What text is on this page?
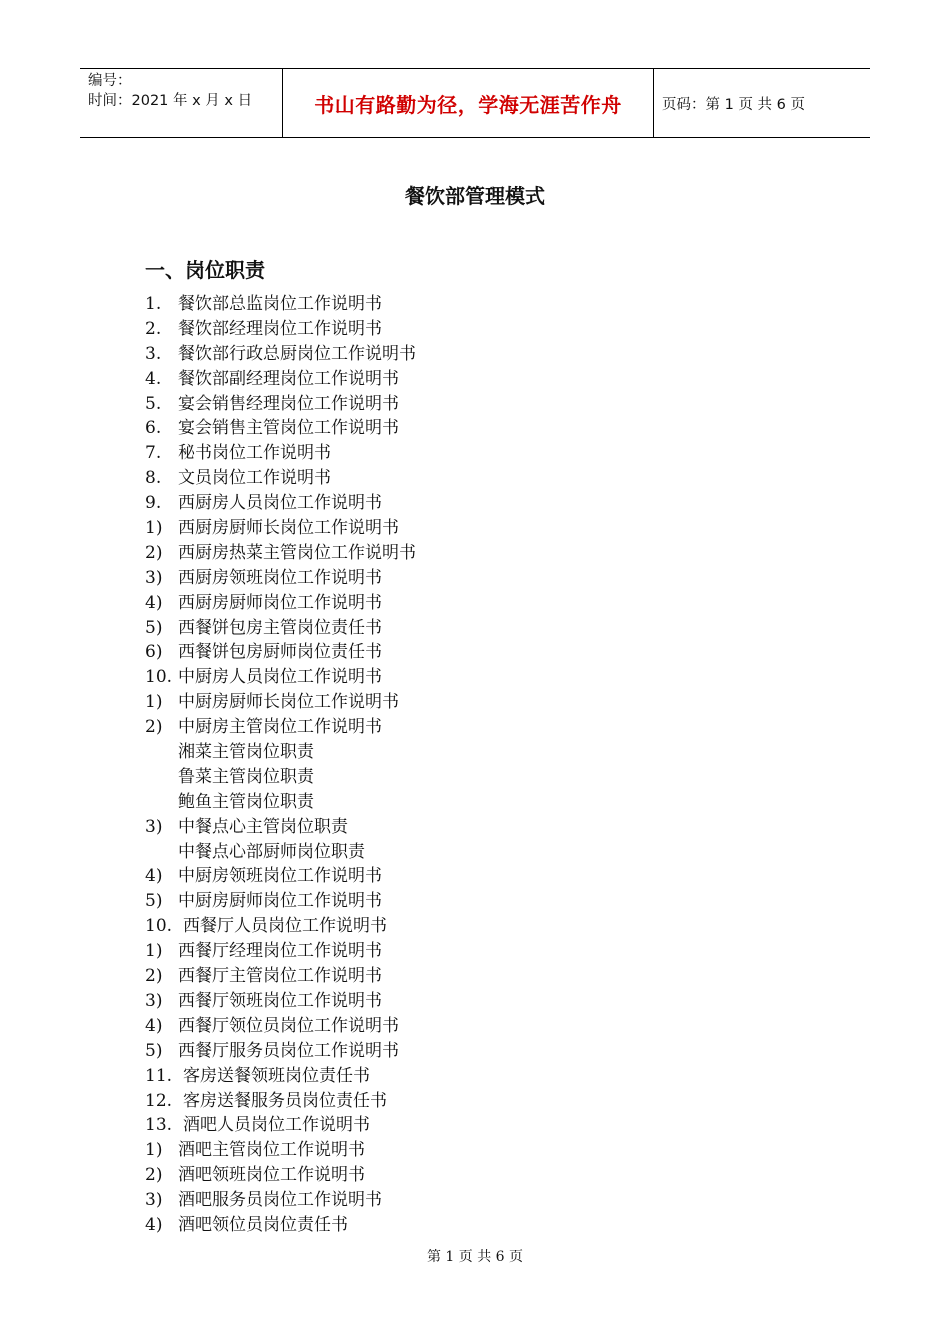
编号：
时间：2021 年 x 月 x 日	书山有路勤为径，学海无涯苦作舟	页码：第 1 页 共 6 页
餐饮部管理模式
一、岗位职责
1. 餐饮部总监岗位工作说明书
2. 餐饮部经理岗位工作说明书
3. 餐饮部行政总厨岗位工作说明书
4. 餐饮部副经理岗位工作说明书
5. 宴会销售经理岗位工作说明书
6. 宴会销售主管岗位工作说明书
7. 秘书岗位工作说明书
8. 文员岗位工作说明书
9. 西厨房人员岗位工作说明书
1) 西厨房厨师长岗位工作说明书
2) 西厨房热菜主管岗位工作说明书
3) 西厨房领班岗位工作说明书
4) 西厨房厨师岗位工作说明书
5) 西餐饼包房主管岗位责任书
6) 西餐饼包房厨师岗位责任书
10. 中厨房人员岗位工作说明书
1) 中厨房厨师长岗位工作说明书
2) 中厨房主管岗位工作说明书
湘菜主管岗位职责
鲁菜主管岗位职责
鲍鱼主管岗位职责
3) 中餐点心主管岗位职责
中餐点心部厨师岗位职责
4) 中厨房领班岗位工作说明书
5) 中厨房厨师岗位工作说明书
10. 西餐厅人员岗位工作说明书
1) 西餐厅经理岗位工作说明书
2) 西餐厅主管岗位工作说明书
3) 西餐厅领班岗位工作说明书
4) 西餐厅领位员岗位工作说明书
5) 西餐厅服务员岗位工作说明书
11. 客房送餐领班岗位责任书
12. 客房送餐服务员岗位责任书
13. 酒吧人员岗位工作说明书
1) 酒吧主管岗位工作说明书
2) 酒吧领班岗位工作说明书
3) 酒吧服务员岗位工作说明书
4) 酒吧领位员岗位责任书
第 1 页 共 6 页
